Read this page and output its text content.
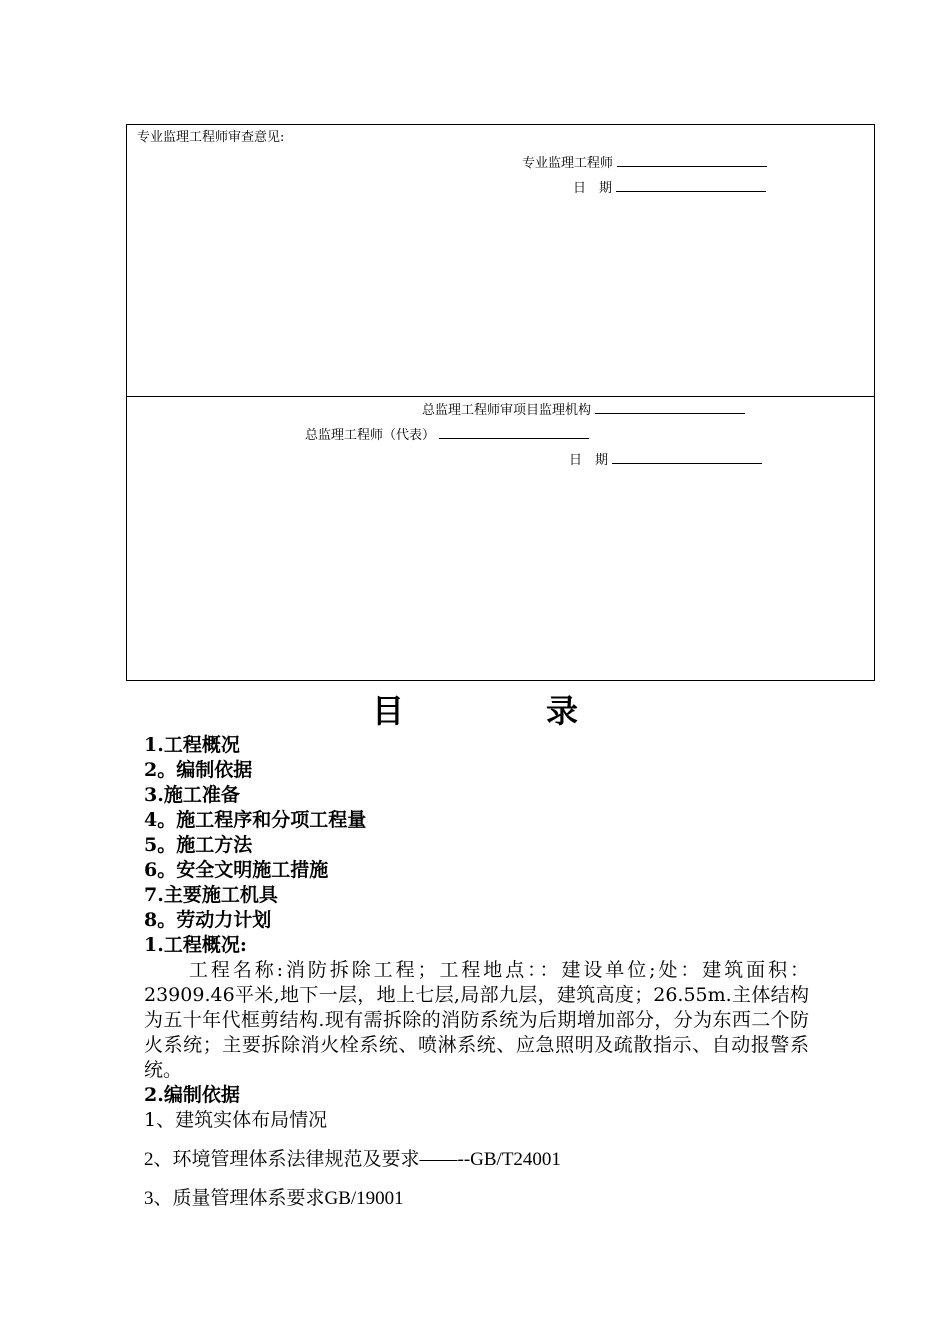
专业监理工程师审查意见:
专业监理工程师
日　期
总监理工程师审项目监理机构
总监理工程师（代表）
日　期
目	录
1.工程概况
2。编制依据
3.施工准备
4。施工程序和分项工程量
5。施工方法
6。安全文明施工措施
7.主要施工机具
8。劳动力计划
1.工程概况:
工程名称:消防拆除工程；工程地点：：建设单位;处：建筑面积：23909.46平米,地下一层，地上七层,局部九层，建筑高度；26.55m.主体结构为五十年代框剪结构.现有需拆除的消防系统为后期增加部分，分为东西二个防火系统；主要拆除消火栓系统、喷淋系统、应急照明及疏散指示、自动报警系统。
2.编制依据
1、建筑实体布局情况
2、环境管理体系法律规范及要求——--GB/T24001
3、质量管理体系要求GB/19001
